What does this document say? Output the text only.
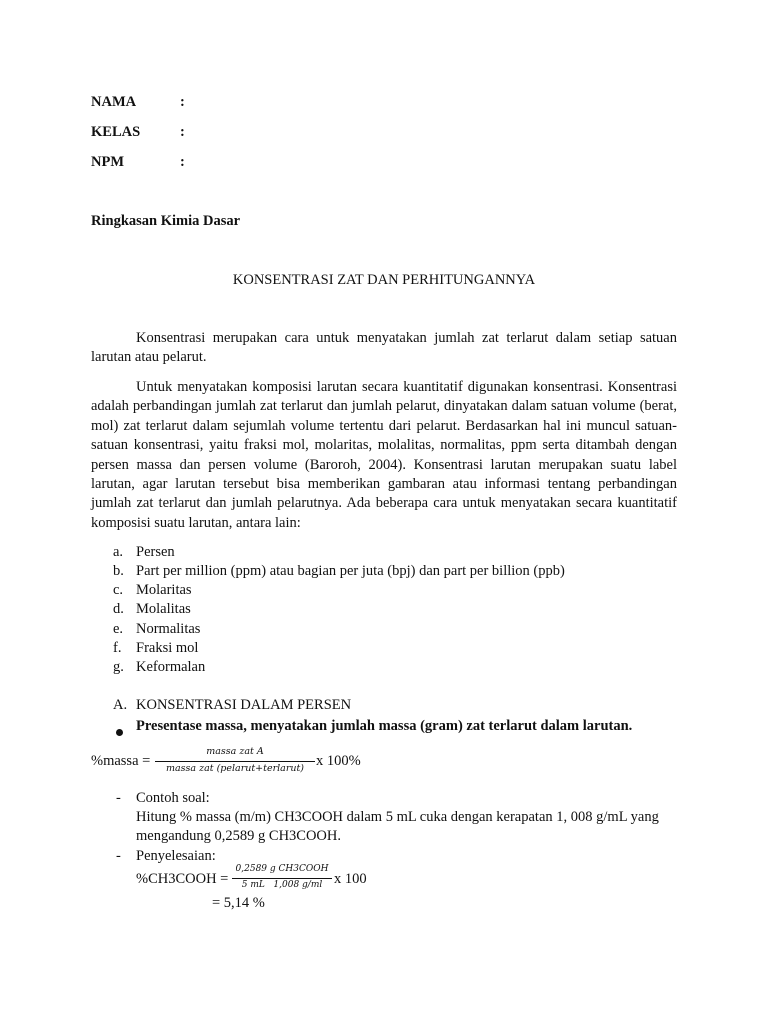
NAMA	:
KELAS	:
NPM	:
Ringkasan Kimia Dasar
KONSENTRASI ZAT DAN PERHITUNGANNYA

Konsentrasi merupakan cara untuk menyatakan jumlah zat terlarut dalam setiap satuan larutan atau pelarut.

Untuk menyatakan komposisi larutan secara kuantitatif digunakan konsentrasi. Konsentrasi adalah perbandingan jumlah zat terlarut dan jumlah pelarut, dinyatakan dalam satuan volume (berat, mol) zat terlarut dalam sejumlah volume tertentu dari pelarut. Berdasarkan hal ini muncul satuan-satuan konsentrasi, yaitu fraksi mol, molaritas, molalitas, normalitas, ppm serta ditambah dengan persen massa dan persen volume (Baroroh, 2004). Konsentrasi larutan merupakan suatu label larutan, agar larutan tersebut bisa memberikan gambaran atau informasi tentang perbandingan jumlah zat terlarut dan jumlah pelarutnya. Ada beberapa cara untuk menyatakan secara kuantitatif komposisi suatu larutan, antara lain:

a. Persen
b. Part per million (ppm) atau bagian per juta (bpj) dan part per billion (ppb)
c. Molaritas
d. Molalitas
e. Normalitas
f. Fraksi mol
g. Keformalan
A. KONSENTRASI DALAM PERSEN
Presentase massa, menyatakan jumlah massa (gram) zat terlarut dalam larutan.
%massa =
massa zat A
massa zat (pelarut+terlarut) x 100%
- Contoh soal:
Hitung % massa (m/m) CH3COOH dalam 5 mL cuka dengan kerapatan 1, 008 g/mL yang
mengandung 0,2589 g CH3COOH.
- Penyelesaian:
%CH3COOH =
0,2589 g CH3COOH
5 mL   1,008 g/ml x 100
= 5,14 %
